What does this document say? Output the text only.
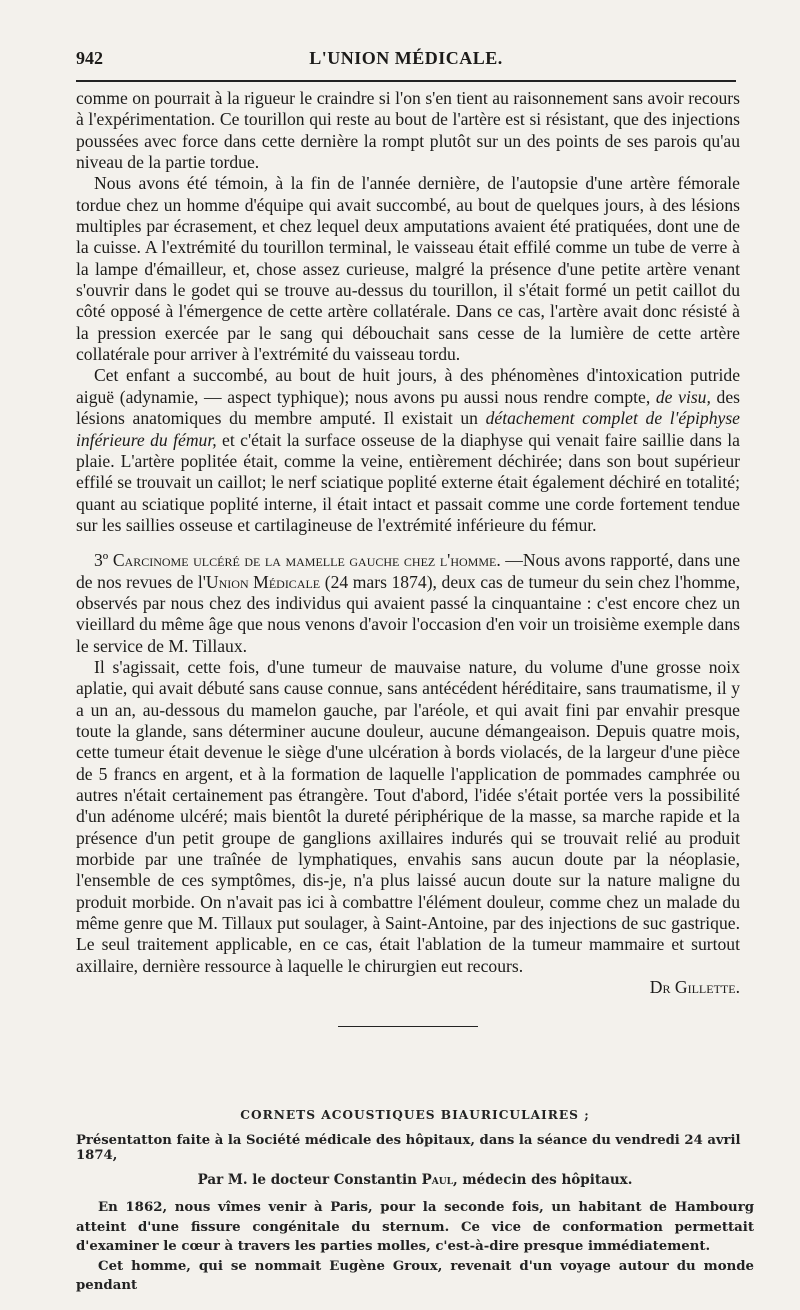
942	L'UNION MÉDICALE.

comme on pourrait à la rigueur le craindre si l'on s'en tient au raisonnement sans avoir recours à l'expérimentation. Ce tourillon qui reste au bout de l'artère est si résistant, que des injections poussées avec force dans cette dernière la rompt plutôt sur un des points de ses parois qu'au niveau de la partie tordue.

Nous avons été témoin, à la fin de l'année dernière, de l'autopsie d'une artère fémorale tordue chez un homme d'équipe qui avait succombé, au bout de quelques jours, à des lésions multiples par écrasement, et chez lequel deux amputations avaient été pratiquées, dont une de la cuisse. A l'extrémité du tourillon terminal, le vaisseau était effilé comme un tube de verre à la lampe d'émailleur, et, chose assez curieuse, malgré la présence d'une petite artère venant s'ouvrir dans le godet qui se trouve au-dessus du tourillon, il s'était formé un petit caillot du côté opposé à l'émergence de cette artère collatérale. Dans ce cas, l'artère avait donc résisté à la pression exercée par le sang qui débouchait sans cesse de la lumière de cette artère collatérale pour arriver à l'extrémité du vaisseau tordu.

Cet enfant a succombé, au bout de huit jours, à des phénomènes d'intoxication putride aiguë (adynamie, — aspect typhique); nous avons pu aussi nous rendre compte, de visu, des lésions anatomiques du membre amputé. Il existait un détachement complet de l'épiphyse inférieure du fémur, et c'était la surface osseuse de la diaphyse qui venait faire saillie dans la plaie. L'artère poplitée était, comme la veine, entièrement déchirée; dans son bout supérieur effilé se trouvait un caillot; le nerf sciatique poplité externe était également déchiré en totalité; quant au sciatique poplité interne, il était intact et passait comme une corde fortement tendue sur les saillies osseuse et cartilagineuse de l'extrémité inférieure du fémur.

3º Carcinome ulcéré de la mamelle gauche chez l'homme. —Nous avons rapporté, dans une de nos revues de l'Union Médicale (24 mars 1874), deux cas de tumeur du sein chez l'homme, observés par nous chez des individus qui avaient passé la cinquantaine : c'est encore chez un vieillard du même âge que nous venons d'avoir l'occasion d'en voir un troisième exemple dans le service de M. Tillaux.

Il s'agissait, cette fois, d'une tumeur de mauvaise nature, du volume d'une grosse noix aplatie, qui avait débuté sans cause connue, sans antécédent héréditaire, sans traumatisme, il y a un an, au-dessous du mamelon gauche, par l'aréole, et qui avait fini par envahir presque toute la glande, sans déterminer aucune douleur, aucune démangeaison. Depuis quatre mois, cette tumeur était devenue le siège d'une ulcération à bords violacés, de la largeur d'une pièce de 5 francs en argent, et à la formation de laquelle l'application de pommades camphrée ou autres n'était certainement pas étrangère. Tout d'abord, l'idée s'était portée vers la possibilité d'un adénome ulcéré; mais bientôt la dureté périphérique de la masse, sa marche rapide et la présence d'un petit groupe de ganglions axillaires indurés qui se trouvait relié au produit morbide par une traînée de lymphatiques, envahis sans aucun doute par la néoplasie, l'ensemble de ces symptômes, dis-je, n'a plus laissé aucun doute sur la nature maligne du produit morbide. On n'avait pas ici à combattre l'élément douleur, comme chez un malade du même genre que M. Tillaux put soulager, à Saint-Antoine, par des injections de suc gastrique. Le seul traitement applicable, en ce cas, était l'ablation de la tumeur mammaire et surtout axillaire, dernière ressource à laquelle le chirurgien eut recours.

Dr Gillette.

CORNETS ACOUSTIQUES BIAURICULAIRES ;

Présentatton faite à la Société médicale des hôpitaux, dans la séance du vendredi 24 avril 1874,

Par M. le docteur Constantin Paul, médecin des hôpitaux.

En 1862, nous vîmes venir à Paris, pour la seconde fois, un habitant de Hambourg atteint d'une fissure congénitale du sternum. Ce vice de conformation permettait d'examiner le cœur à travers les parties molles, c'est-à-dire presque immédiatement.

Cet homme, qui se nommait Eugène Groux, revenait d'un voyage autour du monde pendant
